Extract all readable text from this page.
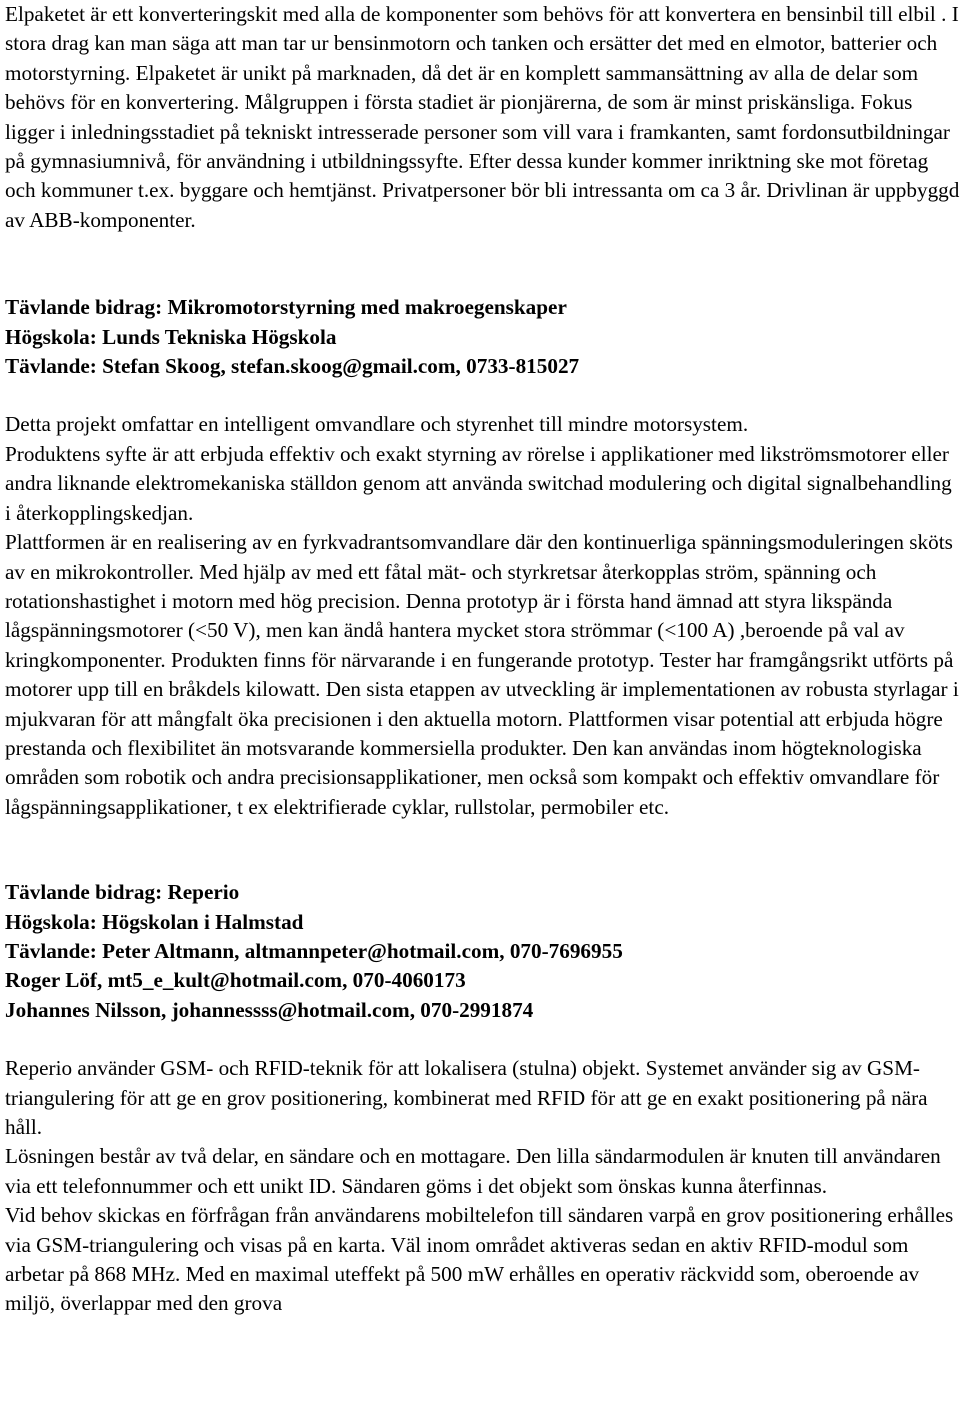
Elpaketet är ett konverteringskit med alla de komponenter som behövs för att konvertera en bensinbil till elbil . I stora drag kan man säga att man tar ur bensinmotorn och tanken och ersätter det med en elmotor, batterier och motorstyrning. Elpaketet är unikt på marknaden, då det är en komplett sammansättning av alla de delar som behövs för en konvertering. Målgruppen i första stadiet är pionjärerna, de som är minst priskänsliga. Fokus ligger i inledningsstadiet på tekniskt intresserade personer som vill vara i framkanten, samt fordonsutbildningar på gymnasiumnivå, för användning i utbildningssyfte. Efter dessa kunder kommer inriktning ske mot företag och kommuner t.ex. byggare och hemtjänst. Privatpersoner bör bli intressanta om ca 3 år. Drivlinan är uppbyggd av ABB-komponenter.

Tävlande bidrag: Mikromotorstyrning med makroegenskaper

Högskola: Lunds Tekniska Högskola

Tävlande: Stefan Skoog, stefan.skoog@gmail.com, 0733-815027

Detta projekt omfattar en intelligent omvandlare och styrenhet till mindre motorsystem.

Produktens syfte är att erbjuda effektiv och exakt styrning av rörelse i applikationer med likströmsmotorer eller andra liknande elektromekaniska ställdon genom att använda switchad modulering och digital signalbehandling i återkopplingskedjan.

Plattformen är en realisering av en fyrkvadrantsomvandlare där den kontinuerliga spänningsmoduleringen sköts av en mikrokontroller. Med hjälp av med ett fåtal mät- och styrkretsar återkopplas ström, spänning och rotationshastighet i motorn med hög precision. Denna prototyp är i första hand ämnad att styra likspända lågspänningsmotorer (<50 V), men kan ändå hantera mycket stora strömmar (<100 A) ,beroende på val av kringkomponenter. Produkten finns för närvarande i en fungerande prototyp. Tester har framgångsrikt utförts på motorer upp till en bråkdels kilowatt. Den sista etappen av utveckling är implementationen av robusta styrlagar i mjukvaran för att mångfalt öka precisionen i den aktuella motorn. Plattformen visar potential att erbjuda högre prestanda och flexibilitet än motsvarande kommersiella produkter. Den kan användas inom högteknologiska områden som robotik och andra precisionsapplikationer, men också som kompakt och effektiv omvandlare för lågspänningsapplikationer, t ex elektrifierade cyklar, rullstolar, permobiler etc.

Tävlande bidrag: Reperio

Högskola: Högskolan i Halmstad

Tävlande: Peter Altmann, altmannpeter@hotmail.com, 070-7696955

Roger Löf, mt5_e_kult@hotmail.com, 070-4060173

Johannes Nilsson, johannessss@hotmail.com, 070-2991874

Reperio använder GSM- och RFID-teknik för att lokalisera (stulna) objekt. Systemet använder sig av GSM-triangulering för att ge en grov positionering, kombinerat med RFID för att ge en exakt positionering på nära håll.

Lösningen består av två delar, en sändare och en mottagare. Den lilla sändarmodulen är knuten till användaren via ett telefonnummer och ett unikt ID. Sändaren göms i det objekt som önskas kunna återfinnas.

Vid behov skickas en förfrågan från användarens mobiltelefon till sändaren varpå en grov positionering erhålles via GSM-triangulering och visas på en karta. Väl inom området aktiveras sedan en aktiv RFID-modul som arbetar på 868 MHz. Med en maximal uteffekt på 500 mW erhålles en operativ räckvidd som, oberoende av miljö, överlappar med den grova
